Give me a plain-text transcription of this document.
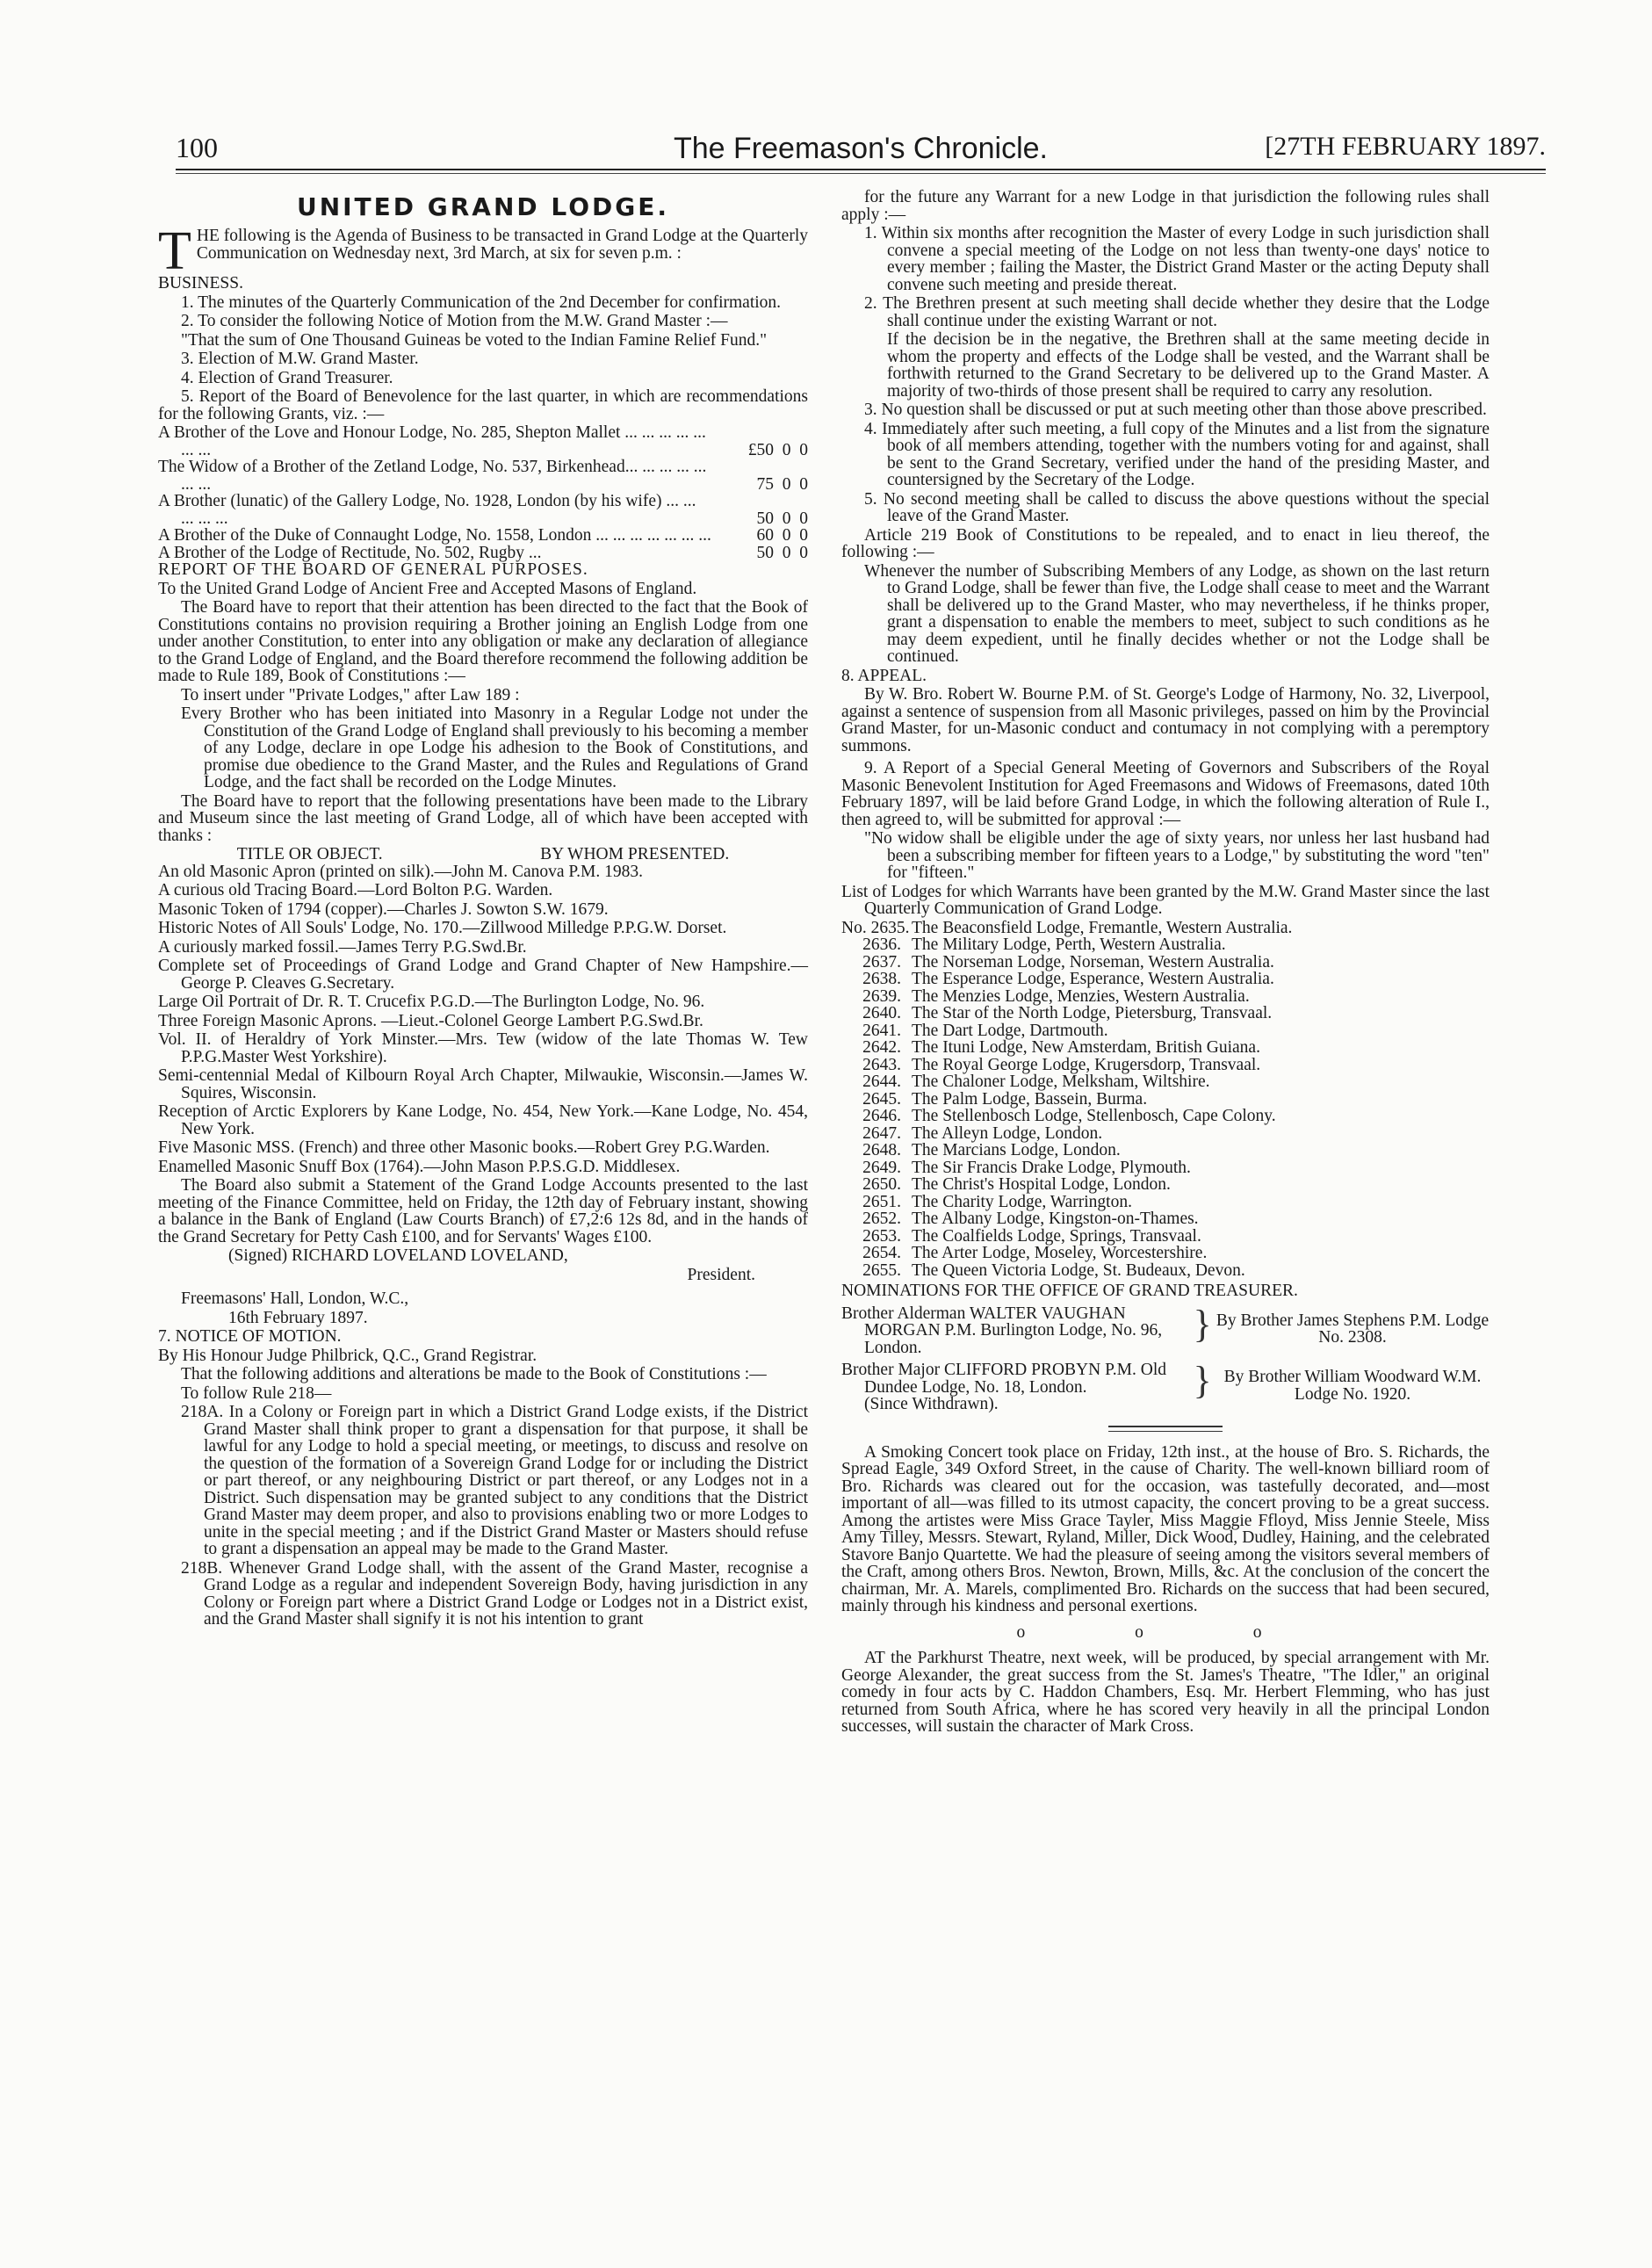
100	The Freemason's Chronicle.	[27TH FEBRUARY 1897.
UNITED GRAND LODGE.

THE following is the Agenda of Business to be transacted in Grand Lodge at the Quarterly Communication on Wednesday next, 3rd March, at six for seven p.m. :

BUSINESS.

1. The minutes of the Quarterly Communication of the 2nd December for confirmation.

2. To consider the following Notice of Motion from the M.W. Grand Master :—

"That the sum of One Thousand Guineas be voted to the Indian Famine Relief Fund."

3. Election of M.W. Grand Master.

4. Election of Grand Treasurer.

5. Report of the Board of Benevolence for the last quarter, in which are recommendations for the following Grants, viz. :—

A Brother of the Love and Honour Lodge, No. 285, Shepton Mallet ... ... ... ... ... ... ...	£50  0  0
The Widow of a Brother of the Zetland Lodge, No. 537, Birkenhead... ... ... ... ... ... ...	75  0  0
A Brother (lunatic) of the Gallery Lodge, No. 1928, London (by his wife) ... ... ... ... ...	50  0  0
A Brother of the Duke of Connaught Lodge, No. 1558, London ... ... ... ... ... ... ...	60  0  0
A Brother of the Lodge of Rectitude, No. 502, Rugby ...	50  0  0

REPORT OF THE BOARD OF GENERAL PURPOSES.

To the United Grand Lodge of Ancient Free and Accepted Masons of England.

The Board have to report that their attention has been directed to the fact that the Book of Constitutions contains no provision requiring a Brother joining an English Lodge from one under another Constitution, to enter into any obligation or make any declaration of allegiance to the Grand Lodge of England, and the Board therefore recommend the following addition be made to Rule 189, Book of Constitutions :—

To insert under "Private Lodges," after Law 189 :

Every Brother who has been initiated into Masonry in a Regular Lodge not under the Constitution of the Grand Lodge of England shall previously to his becoming a member of any Lodge, declare in ope Lodge his adhesion to the Book of Constitutions, and promise due obedience to the Grand Master, and the Rules and Regulations of Grand Lodge, and the fact shall be recorded on the Lodge Minutes.

The Board have to report that the following presentations have been made to the Library and Museum since the last meeting of Grand Lodge, all of which have been accepted with thanks :

TITLE OR OBJECT.	BY WHOM PRESENTED.

An old Masonic Apron (printed on silk).—John M. Canova P.M. 1983.

A curious old Tracing Board.—Lord Bolton P.G. Warden.

Masonic Token of 1794 (copper).—Charles J. Sowton S.W. 1679.

Historic Notes of All Souls' Lodge, No. 170.—Zillwood Milledge P.P.G.W. Dorset.

A curiously marked fossil.—James Terry P.G.Swd.Br.

Complete set of Proceedings of Grand Lodge and Grand Chapter of New Hampshire.—George P. Cleaves G.Secretary.

Large Oil Portrait of Dr. R. T. Crucefix P.G.D.—The Burlington Lodge, No. 96.

Three Foreign Masonic Aprons. —Lieut.-Colonel George Lambert P.G.Swd.Br.

Vol. II. of Heraldry of York Minster.—Mrs. Tew (widow of the late Thomas W. Tew P.P.G.Master West Yorkshire).

Semi-centennial Medal of Kilbourn Royal Arch Chapter, Milwaukie, Wisconsin.—James W. Squires, Wisconsin.

Reception of Arctic Explorers by Kane Lodge, No. 454, New York.—Kane Lodge, No. 454, New York.

Five Masonic MSS. (French) and three other Masonic books.—Robert Grey P.G.Warden.

Enamelled Masonic Snuff Box (1764).—John Mason P.P.S.G.D. Middlesex.

The Board also submit a Statement of the Grand Lodge Accounts presented to the last meeting of the Finance Committee, held on Friday, the 12th day of February instant, showing a balance in the Bank of England (Law Courts Branch) of £7,2:6 12s 8d, and in the hands of the Grand Secretary for Petty Cash £100, and for Servants' Wages £100.

(Signed) RICHARD LOVELAND LOVELAND,

President.

Freemasons' Hall, London, W.C.,

16th February 1897.

7. NOTICE OF MOTION.

By His Honour Judge Philbrick, Q.C., Grand Registrar.

That the following additions and alterations be made to the Book of Constitutions :—

To follow Rule 218—

218A. In a Colony or Foreign part in which a District Grand Lodge exists, if the District Grand Master shall think proper to grant a dispensation for that purpose, it shall be lawful for any Lodge to hold a special meeting, or meetings, to discuss and resolve on the question of the formation of a Sovereign Grand Lodge for or including the District or part thereof, or any neighbouring District or part thereof, or any Lodges not in a District. Such dispensation may be granted subject to any conditions that the District Grand Master may deem proper, and also to provisions enabling two or more Lodges to unite in the special meeting ; and if the District Grand Master or Masters should refuse to grant a dispensation an appeal may be made to the Grand Master.

218B. Whenever Grand Lodge shall, with the assent of the Grand Master, recognise a Grand Lodge as a regular and independent Sovereign Body, having jurisdiction in any Colony or Foreign part where a District Grand Lodge or Lodges not in a District exist, and the Grand Master shall signify it is not his intention to grant

for the future any Warrant for a new Lodge in that jurisdiction the following rules shall apply :—

1. Within six months after recognition the Master of every Lodge in such jurisdiction shall convene a special meeting of the Lodge on not less than twenty-one days' notice to every member ; failing the Master, the District Grand Master or the acting Deputy shall convene such meeting and preside thereat.

2. The Brethren present at such meeting shall decide whether they desire that the Lodge shall continue under the existing Warrant or not.

If the decision be in the negative, the Brethren shall at the same meeting decide in whom the property and effects of the Lodge shall be vested, and the Warrant shall be forthwith returned to the Grand Secretary to be delivered up to the Grand Master. A majority of two-thirds of those present shall be required to carry any resolution.

3. No question shall be discussed or put at such meeting other than those above prescribed.

4. Immediately after such meeting, a full copy of the Minutes and a list from the signature book of all members attending, together with the numbers voting for and against, shall be sent to the Grand Secretary, verified under the hand of the presiding Master, and countersigned by the Secretary of the Lodge.

5. No second meeting shall be called to discuss the above questions without the special leave of the Grand Master.

Article 219 Book of Constitutions to be repealed, and to enact in lieu thereof, the following :—

Whenever the number of Subscribing Members of any Lodge, as shown on the last return to Grand Lodge, shall be fewer than five, the Lodge shall cease to meet and the Warrant shall be delivered up to the Grand Master, who may nevertheless, if he thinks proper, grant a dispensation to enable the members to meet, subject to such conditions as he may deem expedient, until he finally decides whether or not the Lodge shall be continued.

8. APPEAL.

By W. Bro. Robert W. Bourne P.M. of St. George's Lodge of Harmony, No. 32, Liverpool, against a sentence of suspension from all Masonic privileges, passed on him by the Provincial Grand Master, for un-Masonic conduct and contumacy in not complying with a peremptory summons.

9. A Report of a Special General Meeting of Governors and Subscribers of the Royal Masonic Benevolent Institution for Aged Freemasons and Widows of Freemasons, dated 10th February 1897, will be laid before Grand Lodge, in which the following alteration of Rule I., then agreed to, will be submitted for approval :—

"No widow shall be eligible under the age of sixty years, nor unless her last husband had been a subscribing member for fifteen years to a Lodge," by substituting the word "ten" for "fifteen."

List of Lodges for which Warrants have been granted by the M.W. Grand Master since the last Quarterly Communication of Grand Lodge.

No. 2635. The Beaconsfield Lodge, Fremantle, Western Australia.
2636. The Military Lodge, Perth, Western Australia.
2637. The Norseman Lodge, Norseman, Western Australia.
2638. The Esperance Lodge, Esperance, Western Australia.
2639. The Menzies Lodge, Menzies, Western Australia.
2640. The Star of the North Lodge, Pietersburg, Transvaal.
2641. The Dart Lodge, Dartmouth.
2642. The Ituni Lodge, New Amsterdam, British Guiana.
2643. The Royal George Lodge, Krugersdorp, Transvaal.
2644. The Chaloner Lodge, Melksham, Wiltshire.
2645. The Palm Lodge, Bassein, Burma.
2646. The Stellenbosch Lodge, Stellenbosch, Cape Colony.
2647. The Alleyn Lodge, London.
2648. The Marcians Lodge, London.
2649. The Sir Francis Drake Lodge, Plymouth.
2650. The Christ's Hospital Lodge, London.
2651. The Charity Lodge, Warrington.
2652. The Albany Lodge, Kingston-on-Thames.
2653. The Coalfields Lodge, Springs, Transvaal.
2654. The Arter Lodge, Moseley, Worcestershire.
2655. The Queen Victoria Lodge, St. Budeaux, Devon.

NOMINATIONS FOR THE OFFICE OF GRAND TREASURER.

Brother Alderman WALTER VAUGHAN MORGAN P.M. Burlington Lodge, No. 96, London.
} By Brother James Stephens P.M. Lodge No. 2308.
Brother Major CLIFFORD PROBYN P.M. Old Dundee Lodge, No. 18, London.
(Since Withdrawn).
} By Brother William Woodward W.M. Lodge No. 1920.

A Smoking Concert took place on Friday, 12th inst., at the house of Bro. S. Richards, the Spread Eagle, 349 Oxford Street, in the cause of Charity. The well-known billiard room of Bro. Richards was cleared out for the occasion, was tastefully decorated, and—most important of all—was filled to its utmost capacity, the concert proving to be a great success. Among the artistes were Miss Grace Tayler, Miss Maggie Ffloyd, Miss Jennie Steele, Miss Amy Tilley, Messrs. Stewart, Ryland, Miller, Dick Wood, Dudley, Haining, and the celebrated Stavore Banjo Quartette. We had the pleasure of seeing among the visitors several members of the Craft, among others Bros. Newton, Brown, Mills, &c. At the conclusion of the concert the chairman, Mr. A. Marels, complimented Bro. Richards on the success that had been secured, mainly through his kindness and personal exertions.

o o o

AT the Parkhurst Theatre, next week, will be produced, by special arrangement with Mr. George Alexander, the great success from the St. James's Theatre, "The Idler," an original comedy in four acts by C. Haddon Chambers, Esq. Mr. Herbert Flemming, who has just returned from South Africa, where he has scored very heavily in all the principal London successes, will sustain the character of Mark Cross.
